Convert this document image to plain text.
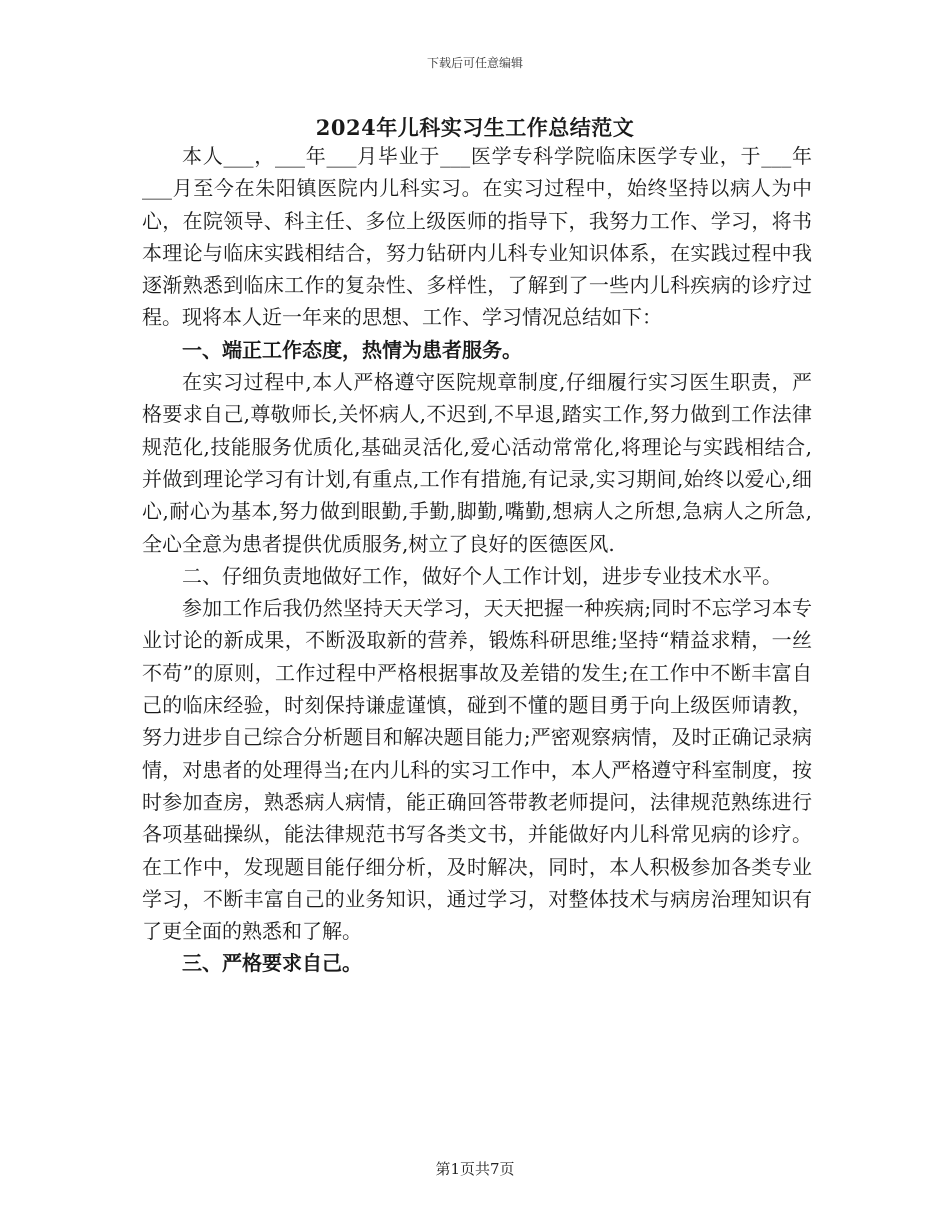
下载后可任意编辑
2024年儿科实习生工作总结范文

本人___，___年___月毕业于___医学专科学院临床医学专业，于___年___月至今在朱阳镇医院内儿科实习。在实习过程中，始终坚持以病人为中心，在院领导、科主任、多位上级医师的指导下，我努力工作、学习，将书本理论与临床实践相结合，努力钻研内儿科专业知识体系，在实践过程中我逐渐熟悉到临床工作的复杂性、多样性，了解到了一些内儿科疾病的诊疗过程。现将本人近一年来的思想、工作、学习情况总结如下：

一、端正工作态度，热情为患者服务。

在实习过程中,本人严格遵守医院规章制度,仔细履行实习医生职责，严格要求自己,尊敬师长,关怀病人,不迟到,不早退,踏实工作,努力做到工作法律规范化,技能服务优质化,基础灵活化,爱心活动常常化,将理论与实践相结合,并做到理论学习有计划,有重点,工作有措施,有记录,实习期间,始终以爱心,细心,耐心为基本,努力做到眼勤,手勤,脚勤,嘴勤,想病人之所想,急病人之所急,全心全意为患者提供优质服务,树立了良好的医德医风.

二、仔细负责地做好工作，做好个人工作计划，进步专业技术水平。

参加工作后我仍然坚持天天学习，天天把握一种疾病;同时不忘学习本专业讨论的新成果，不断汲取新的营养，锻炼科研思维;坚持“精益求精，一丝不苟”的原则，工作过程中严格根据事故及差错的发生;在工作中不断丰富自己的临床经验，时刻保持谦虚谨慎，碰到不懂的题目勇于向上级医师请教，努力进步自己综合分析题目和解决题目能力;严密观察病情，及时正确记录病情，对患者的处理得当;在内儿科的实习工作中，本人严格遵守科室制度，按时参加查房，熟悉病人病情，能正确回答带教老师提问，法律规范熟练进行各项基础操纵，能法律规范书写各类文书，并能做好内儿科常见病的诊疗。在工作中，发现题目能仔细分析，及时解决，同时，本人积极参加各类专业学习，不断丰富自己的业务知识，通过学习，对整体技术与病房治理知识有了更全面的熟悉和了解。

三、严格要求自己。

第1页共7页
